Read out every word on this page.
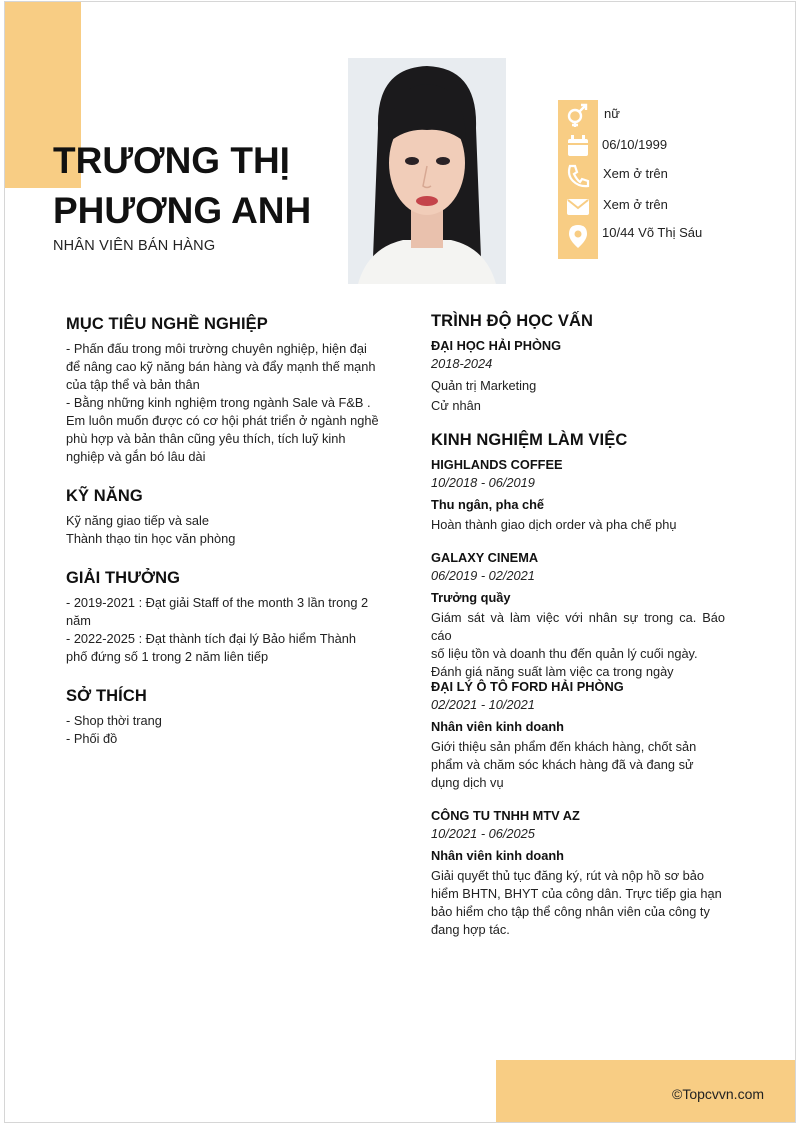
TRƯƠNG THỊ
PHƯƠNG ANH
NHÂN VIÊN BÁN HÀNG
nữ
06/10/1999
Xem ở trên
Xem ở trên
10/44 Võ Thị Sáu
MỤC TIÊU NGHỀ NGHIỆP
- Phấn đấu trong môi trường chuyên nghiệp, hiện đại
để nâng cao kỹ năng bán hàng và đẩy mạnh thế mạnh
của tập thể và bản thân
- Bằng những kinh nghiệm trong ngành Sale và F&B .
Em luôn muốn được có cơ hội phát triển ở ngành nghề
phù hợp và bản thân cũng yêu thích, tích luỹ kinh
nghiệp và gắn bó lâu dài
KỸ NĂNG
Kỹ năng giao tiếp và sale
Thành thạo tin học văn phòng
GIẢI THƯỞNG
- 2019-2021 : Đạt giải Staff of the month 3 lần trong 2
năm
- 2022-2025 : Đạt thành tích đại lý Bảo hiểm Thành
phố đứng số 1 trong 2 năm liên tiếp
SỞ THÍCH
- Shop thời trang
- Phối đồ
TRÌNH ĐỘ HỌC VẤN
ĐẠI HỌC HẢI PHÒNG
2018-2024
Quản trị Marketing
Cử nhân
KINH NGHIỆM LÀM VIỆC
HIGHLANDS COFFEE
10/2018 - 06/2019
Thu ngân, pha chế
Hoàn thành giao dịch order và pha chế phụ
GALAXY CINEMA
06/2019 - 02/2021
Trưởng quầy
Giám sát và làm việc với nhân sự trong ca. Báo cáo
số liệu tồn và doanh thu đến quản lý cuối ngày.
Đánh giá năng suất làm việc ca trong ngày
ĐẠI LÝ Ô TÔ FORD HẢI PHÒNG
02/2021 - 10/2021
Nhân viên kinh doanh
Giới thiệu sản phẩm đến khách hàng, chốt sản
phẩm và chăm sóc khách hàng đã và đang sử
dụng dịch vụ
CÔNG TU TNHH MTV AZ
10/2021 - 06/2025
Nhân viên kinh doanh
Giải quyết thủ tục đăng ký, rút và nộp hồ sơ bảo
hiểm BHTN, BHYT của công dân. Trực tiếp gia hạn
bảo hiểm cho tập thể công nhân viên của công ty
đang hợp tác.
©Topcvvn.com
